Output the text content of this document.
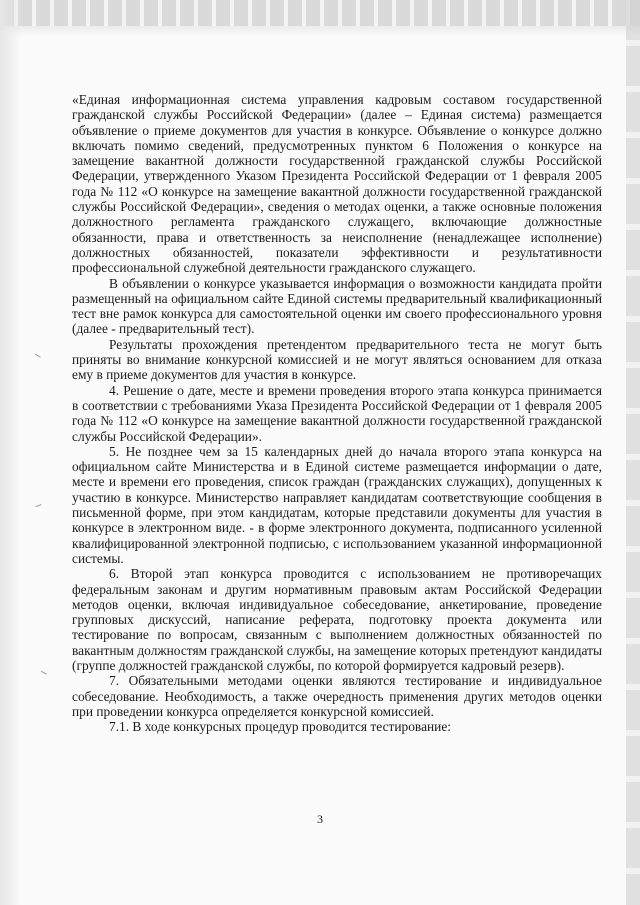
«Единая информационная система управления кадровым составом государственной гражданской службы Российской Федерации» (далее – Единая система) размещается объявление о приеме документов для участия в конкурсе. Объявление о конкурсе должно включать помимо сведений, предусмотренных пунктом 6 Положения о конкурсе на замещение вакантной должности государственной гражданской службы Российской Федерации, утвержденного Указом Президента Российской Федерации от 1 февраля 2005 года № 112 «О конкурсе на замещение вакантной должности государственной гражданской службы Российской Федерации», сведения о методах оценки, а также основные положения должностного регламента гражданского служащего, включающие должностные обязанности, права и ответственность за неисполнение (ненадлежащее исполнение) должностных обязанностей, показатели эффективности и результативности профессиональной служебной деятельности гражданского служащего.

В объявлении о конкурсе указывается информация о возможности кандидата пройти размещенный на официальном сайте Единой системы предварительный квалификационный тест вне рамок конкурса для самостоятельной оценки им своего профессионального уровня (далее - предварительный тест).

Результаты прохождения претендентом предварительного теста не могут быть приняты во внимание конкурсной комиссией и не могут являться основанием для отказа ему в приеме документов для участия в конкурсе.

4. Решение о дате, месте и времени проведения второго этапа конкурса принимается в соответствии с требованиями Указа Президента Российской Федерации от 1 февраля 2005 года № 112 «О конкурсе на замещение вакантной должности государственной гражданской службы Российской Федерации».

5. Не позднее чем за 15 календарных дней до начала второго этапа конкурса на официальном сайте Министерства и в Единой системе размещается информации о дате, месте и времени его проведения, список граждан (гражданских служащих), допущенных к участию в конкурсе. Министерство направляет кандидатам соответствующие сообщения в письменной форме, при этом кандидатам, которые представили документы для участия в конкурсе в электронном виде. - в форме электронного документа, подписанного усиленной квалифицированной электронной подписью, с использованием указанной информационной системы.

6. Второй этап конкурса проводится с использованием не противоречащих федеральным законам и другим нормативным правовым актам Российской Федерации методов оценки, включая индивидуальное собеседование, анкетирование, проведение групповых дискуссий, написание реферата, подготовку проекта документа или тестирование по вопросам, связанным с выполнением должностных обязанностей по вакантным должностям гражданской службы, на замещение которых претендуют кандидаты (группе должностей гражданской службы, по которой формируется кадровый резерв).

7. Обязательными методами оценки являются тестирование и индивидуальное собеседование. Необходимость, а также очередность применения других методов оценки при проведении конкурса определяется конкурсной комиссией.

7.1. В ходе конкурсных процедур проводится тестирование:

3
